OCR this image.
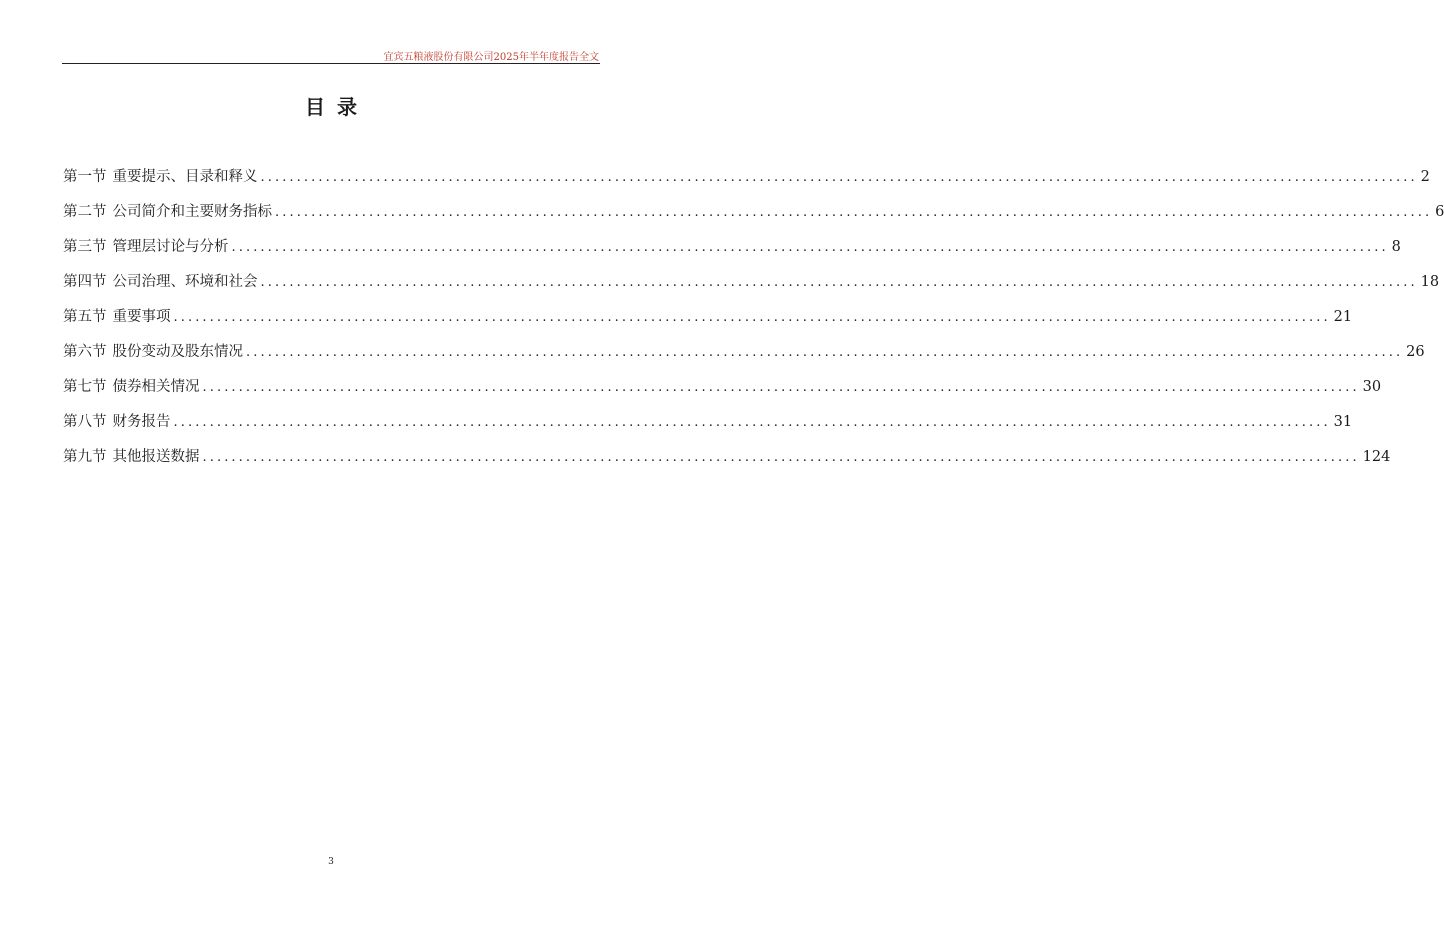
宜宾五粮液股份有限公司2025年半年度报告全文
目录
第一节 重要提示、目录和释义 ................................................................................................................................................................ 2
第二节 公司简介和主要财务指标 ................................................................................................................................................................ 6
第三节 管理层讨论与分析 ................................................................................................................................................................ 8
第四节 公司治理、环境和社会 ................................................................................................................................................................ 18
第五节 重要事项 ................................................................................................................................................................ 21
第六节 股份变动及股东情况 ................................................................................................................................................................ 26
第七节 债券相关情况 ................................................................................................................................................................ 30
第八节 财务报告 ................................................................................................................................................................ 31
第九节 其他报送数据 ................................................................................................................................................................ 124
3
